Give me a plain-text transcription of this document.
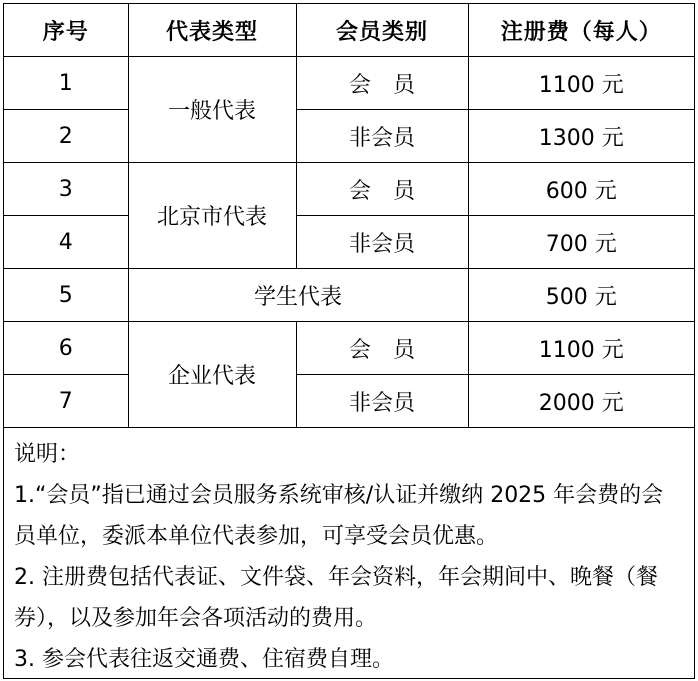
序号	代表类型	会员类别	注册费（每人）
1	一般代表	会　员	1100 元
2		非会员	1300 元
3	北京市代表	会　员	600 元
4		非会员	700 元
5	学生代表		500 元
6	企业代表	会　员	1100 元
7		非会员	2000 元

说明：

1.“会员”指已通过会员服务系统审核/认证并缴纳 2025 年会费的会员单位，委派本单位代表参加，可享受会员优惠。

2. 注册费包括代表证、文件袋、年会资料，年会期间中、晚餐（餐券），以及参加年会各项活动的费用。

3. 参会代表往返交通费、住宿费自理。
